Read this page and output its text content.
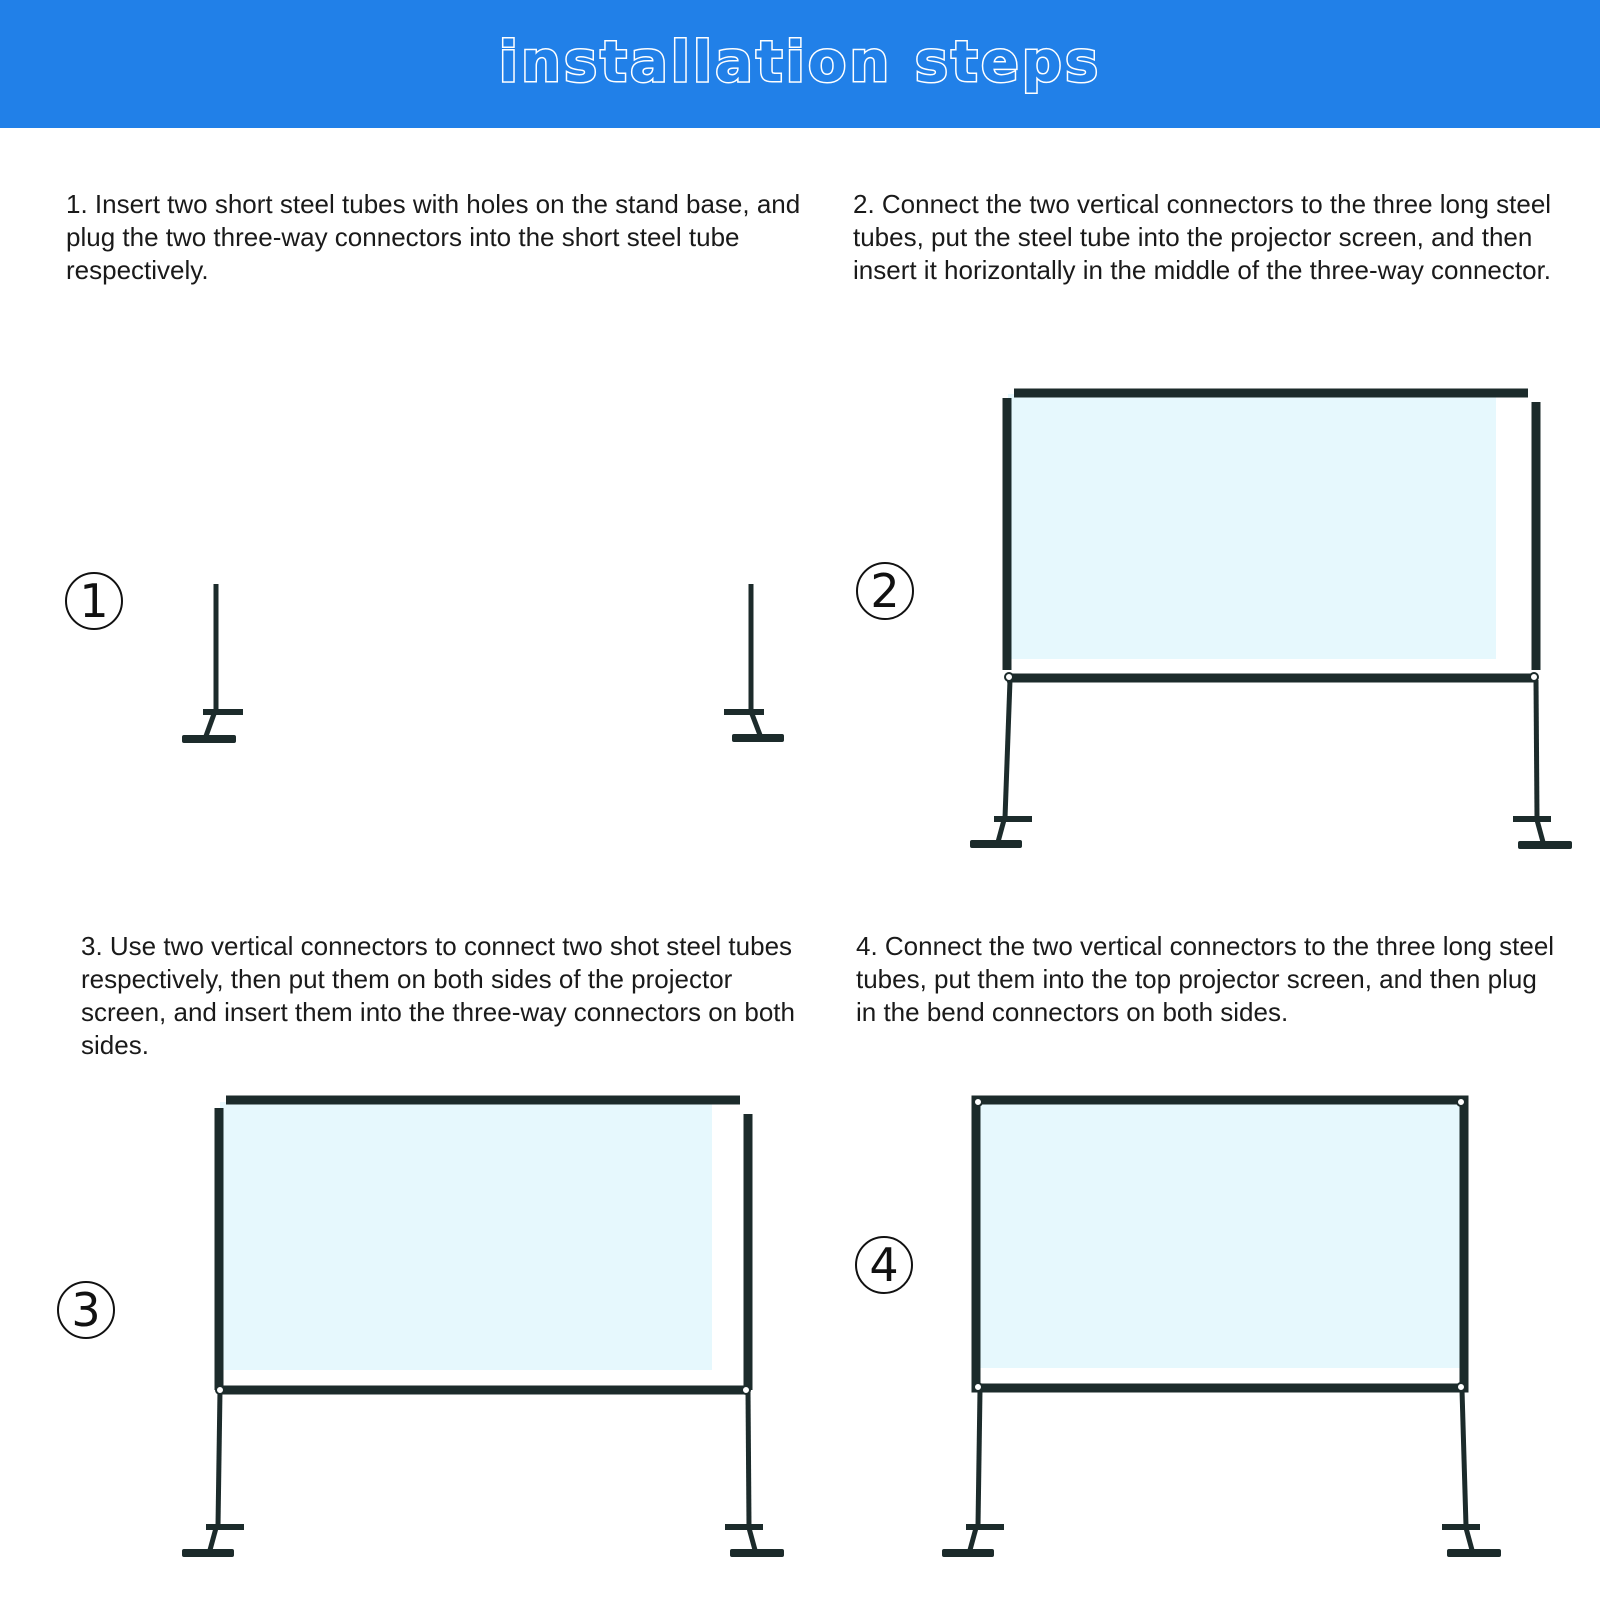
installation steps

1. Insert two short steel tubes with holes on the stand base, and plug the two three-way connectors into the short steel tube respectively.

2. Connect the two vertical connectors to the three long steel tubes, put the steel tube into the projector screen, and then insert it horizontally in the middle of the three-way connector.

3. Use two vertical connectors to connect two shot steel tubes respectively, then put them on both sides of the projector screen, and insert them into the three-way connectors on both sides.

4. Connect the two vertical connectors to the three long steel tubes, put them into the top projector screen, and then plug in the bend connectors on both sides.

1	2
3
4
